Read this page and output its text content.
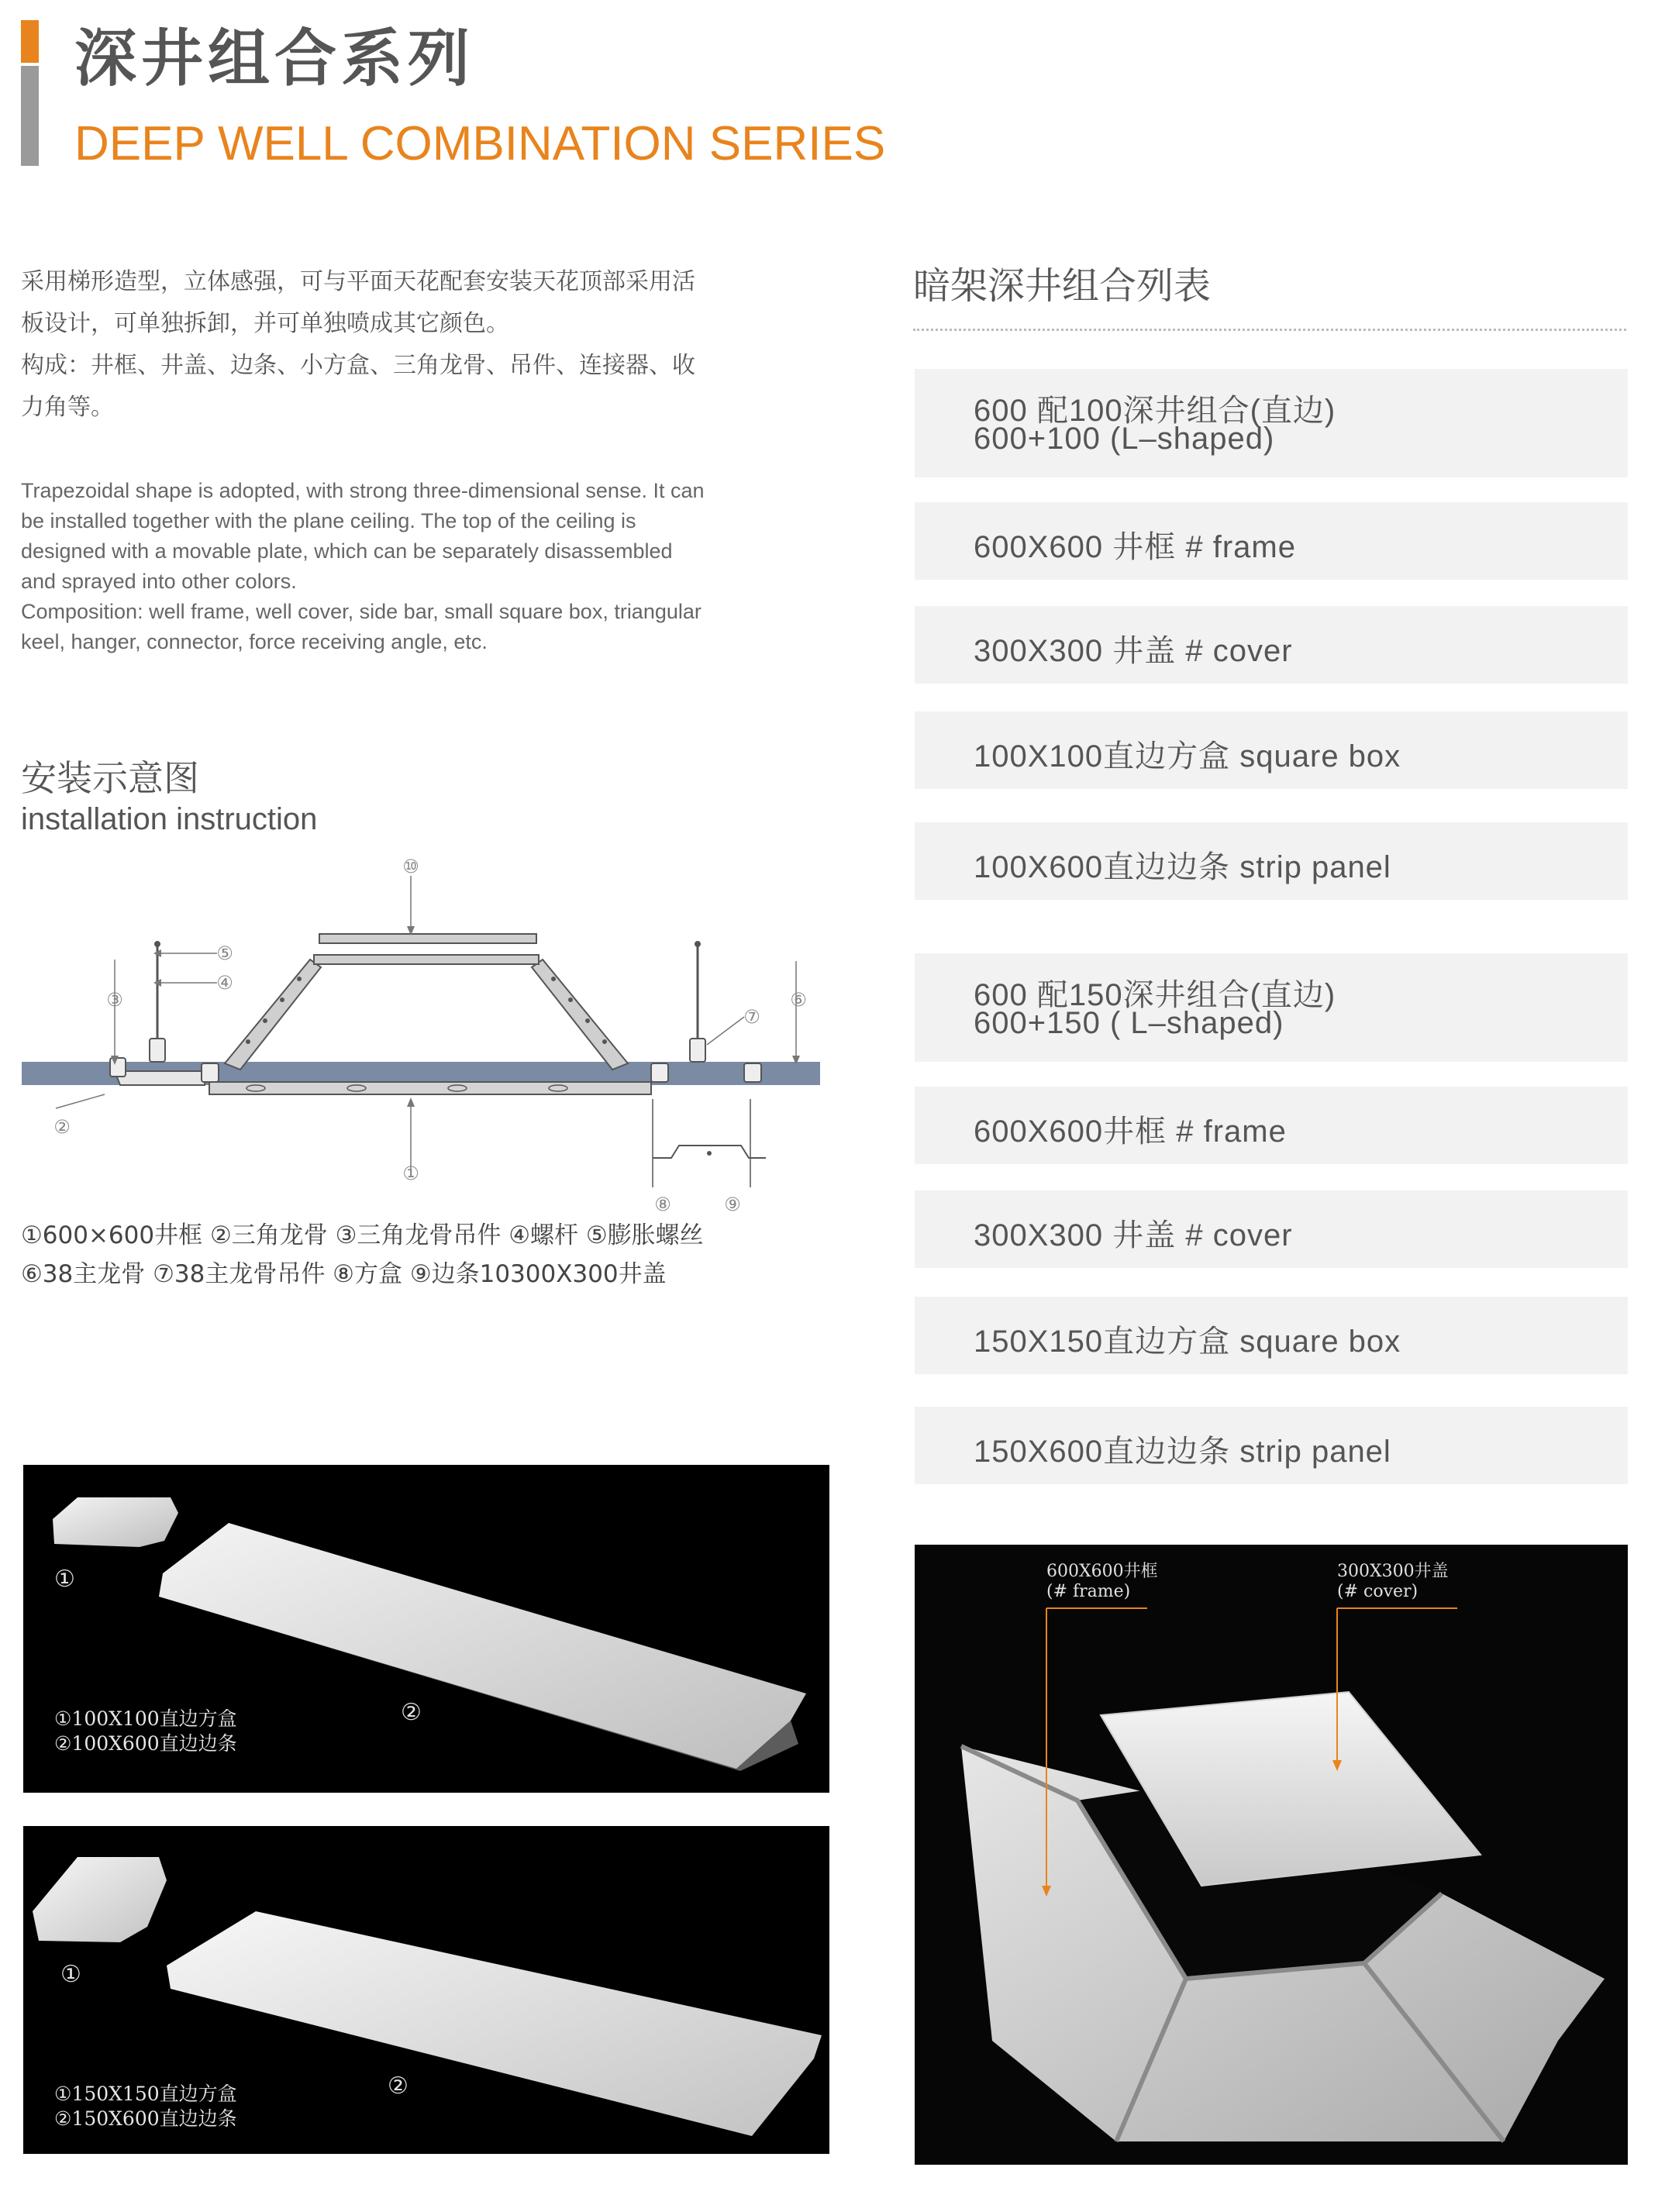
深井组合系列
DEEP WELL COMBINATION SERIES

采用梯形造型，立体感强，可与平面天花配套安装天花顶部采用活

板设计，可单独拆卸，并可单独喷成其它颜色。

构成：井框、井盖、边条、小方盒、三角龙骨、吊件、连接器、收

力角等。

Trapezoidal shape is adopted, with strong three-dimensional sense. It can

be installed together with the plane ceiling. The top of the ceiling is

designed with a movable plate, which can be separately disassembled

and sprayed into other colors.

Composition: well frame, well cover, side bar, small square box, triangular

keel, hanger, connector, force receiving angle, etc.

安装示意图
installation instruction
⑩
⑤
④
③	⑥
⑦
②
①
⑧	⑨
①600×600井框 ②三角龙骨 ③三角龙骨吊件 ④螺杆 ⑤膨胀螺丝
⑥38主龙骨 ⑦38主龙骨吊件 ⑧方盒 ⑨边条10300X300井盖
暗架深井组合列表
600 配100深井组合(直边)
600+100 (L–shaped)
600X600 井框 # frame
300X300 井盖 # cover
100X100直边方盒 square box
100X600直边边条 strip panel
600 配150深井组合(直边)
600+150 ( L–shaped)
600X600井框 # frame
300X300 井盖 # cover
150X150直边方盒 square box
150X600直边边条 strip panel
①
②
①100X100直边方盒
②100X600直边边条
①
②
①150X150直边方盒
②150X600直边边条
600X600井框
(# frame)
300X300井盖
(# cover)
